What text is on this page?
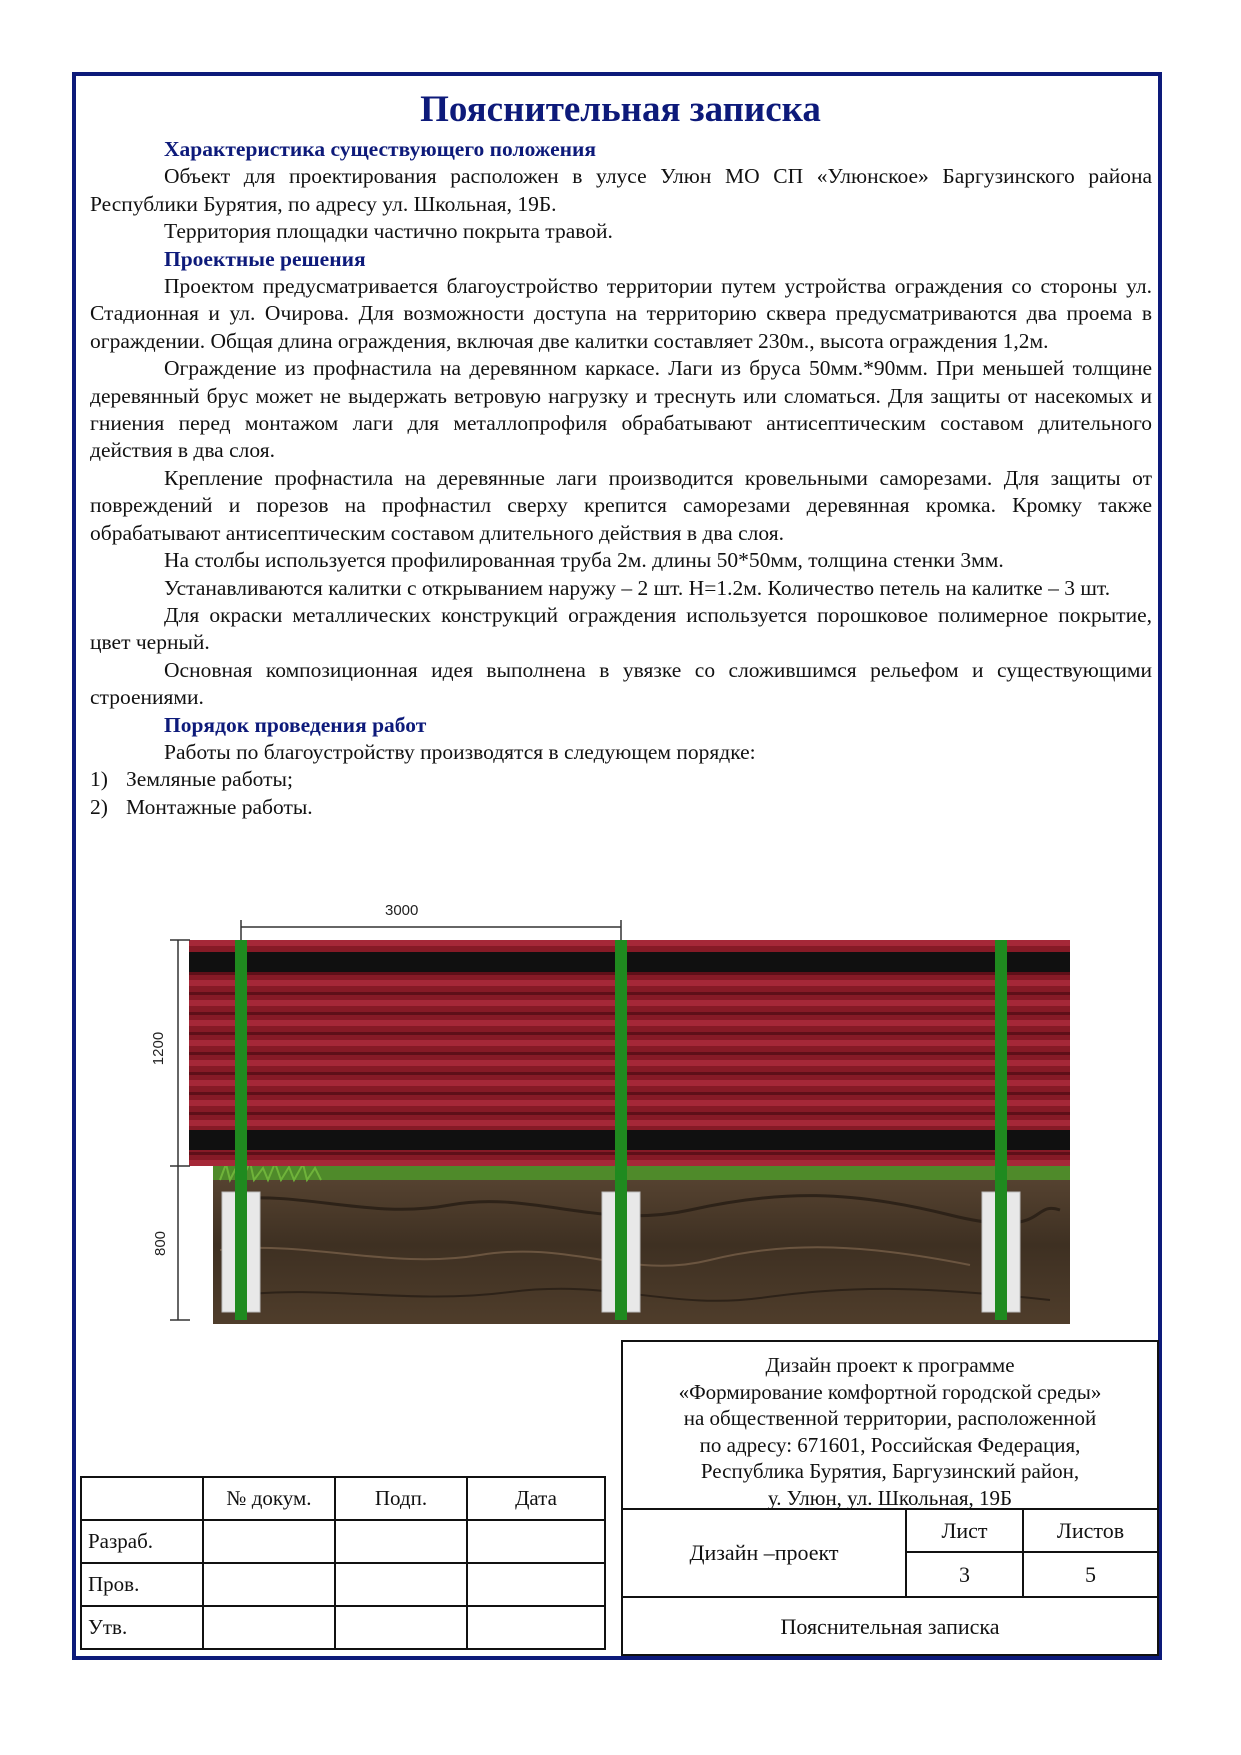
Пояснительная записка
Характеристика существующего положения

Объект для проектирования расположен в улусе Улюн МО СП «Улюнское» Баргузинского района Республики Бурятия, по адресу ул. Школьная, 19Б.

Территория площадки частично покрыта травой.

Проектные решения

Проектом предусматривается благоустройство территории путем устройства ограждения со стороны ул. Стадионная и ул. Очирова. Для возможности доступа на территорию сквера предусматриваются два проема в ограждении. Общая длина ограждения, включая две калитки составляет 230м., высота ограждения 1,2м.

Ограждение из профнастила на деревянном каркасе. Лаги из бруса 50мм.*90мм. При меньшей толщине деревянный брус может не выдержать ветровую нагрузку и треснуть или сломаться. Для защиты от насекомых и гниения перед монтажом лаги для металлопрофиля обрабатывают антисептическим составом длительного действия в два слоя.

Крепление профнастила на деревянные лаги производится кровельными саморезами. Для защиты от повреждений и порезов на профнастил сверху крепится саморезами деревянная кромка. Кромку также обрабатывают антисептическим составом длительного действия в два слоя.

На столбы используется профилированная труба 2м. длины 50*50мм, толщина стенки 3мм.

Устанавливаются калитки с открыванием наружу – 2 шт. Н=1.2м. Количество петель на калитке – 3 шт.

Для окраски металлических конструкций ограждения используется порошковое полимерное покрытие, цвет черный.

Основная композиционная идея выполнена в увязке со сложившимся рельефом и существующими строениями.

Порядок проведения работ

Работы по благоустройству производятся в следующем порядке:

1) Земляные работы;
2) Монтажные работы.
3000
1200
800
	№ докум.	Подп.	Дата
Разраб.			
Пров.			
Утв.			
Дизайн проект к программе
«Формирование комфортной городской среды»
на общественной территории, расположенной
по адресу: 671601, Российская Федерация,
Республика Бурятия, Баргузинский район,
у. Улюн, ул. Школьная, 19Б
Дизайн –проект
Лист	Листов
3	5
Пояснительная записка
